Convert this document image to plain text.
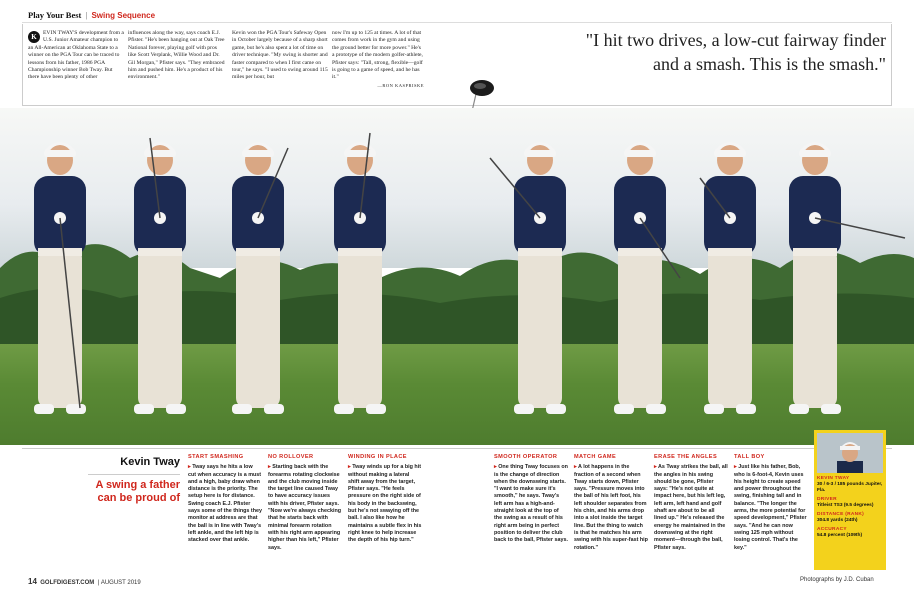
Play Your Best | Swing Sequence
K	EVIN TWAY'S development from a U.S. Junior Amateur champion to an All-American at Oklahoma State to a winner on the PGA Tour can be traced to lessons from his father, 1986 PGA Championship winner Bob Tway. But there have been plenty of other
influences along the way, says coach E.J. Pfister. "He's been hanging out at Oak Tree National forever, playing golf with pros like Scott Verplank, Willie Wood and Dr. Gil Morgan," Pfister says. "They embraced him and pushed him. He's a product of his environment."
Kevin won the PGA Tour's Safeway Open in October largely because of a sharp short game, but he's also spent a lot of time on driver technique. "My swing is shorter and faster compared to when I first came on tour," he says. "I used to swing around 115 miles per hour, but
now I'm up to 125 at times. A lot of that comes from work in the gym and using the ground better for more power." He's a prototype of the modern golfer-athlete, Pfister says: "Tall, strong, flexible—golf is going to a game of speed, and he has it."

—RON KASPRISKE
"I hit two drives, a low-cut fairway finder and a smash. This is the smash."
Kevin Tway
A swing a father can be proud of
START SMASHING
▸ Tway says he hits a low cut when accuracy is a must and a high, baby draw when distance is the priority. The setup here is for distance. Swing coach E.J. Pfister says some of the things they monitor at address are that the ball is in line with Tway's left ankle, and the left hip is stacked over that ankle.
NO ROLLOVER
▸ Starting back with the forearms rotating clockwise and the club moving inside the target line caused Tway to have accuracy issues with his driver, Pfister says. "Now we're always checking that he starts back with minimal forearm rotation with his right arm appearing higher than his left," Pfister says.
WINDING IN PLACE
▸ Tway winds up for a big hit without making a lateral shift away from the target, Pfister says. "He feels pressure on the right side of his body in the backswing, but he's not swaying off the ball. I also like how he maintains a subtle flex in his right knee to help increase the depth of his hip turn."
SMOOTH OPERATOR
▸ One thing Tway focuses on is the change of direction when the downswing starts. "I want to make sure it's smooth," he says. Tway's left arm has a high-and-straight look at the top of the swing as a result of his right arm being in perfect position to deliver the club back to the ball, Pfister says.
MATCH GAME
▸ A lot happens in the fraction of a second when Tway starts down, Pfister says. "Pressure moves into the ball of his left foot, his left shoulder separates from his chin, and his arms drop into a slot inside the target line. But the thing to watch is that he matches his arm swing with his super-fast hip rotation."
ERASE THE ANGLES
▸ As Tway strikes the ball, all the angles in his swing should be gone, Pfister says: "He's not quite at impact here, but his left leg, left arm, left hand and golf shaft are about to be all lined up." He's released the energy he maintained in the downswing at the right moment—through the ball, Pfister says.
TALL BOY
▸ Just like his father, Bob, who is 6-foot-4, Kevin uses his height to create speed and power throughout the swing, finishing tall and in balance. "The longer the arms, the more potential for speed development," Pfister says. "And he can now swing 125 mph without losing control. That's the key."
KEVIN TWAY
30 / 6-3 / 185 pounds Jupiter, Fla.
DRIVER
Titleist TS3 (9.5 degrees)
DISTANCE (RANK)
304.8 yards (24th)
ACCURACY
54.8 percent (109th)
14 GOLFDIGEST.COM  | AUGUST 2019	Photographs by J.D. Cuban
